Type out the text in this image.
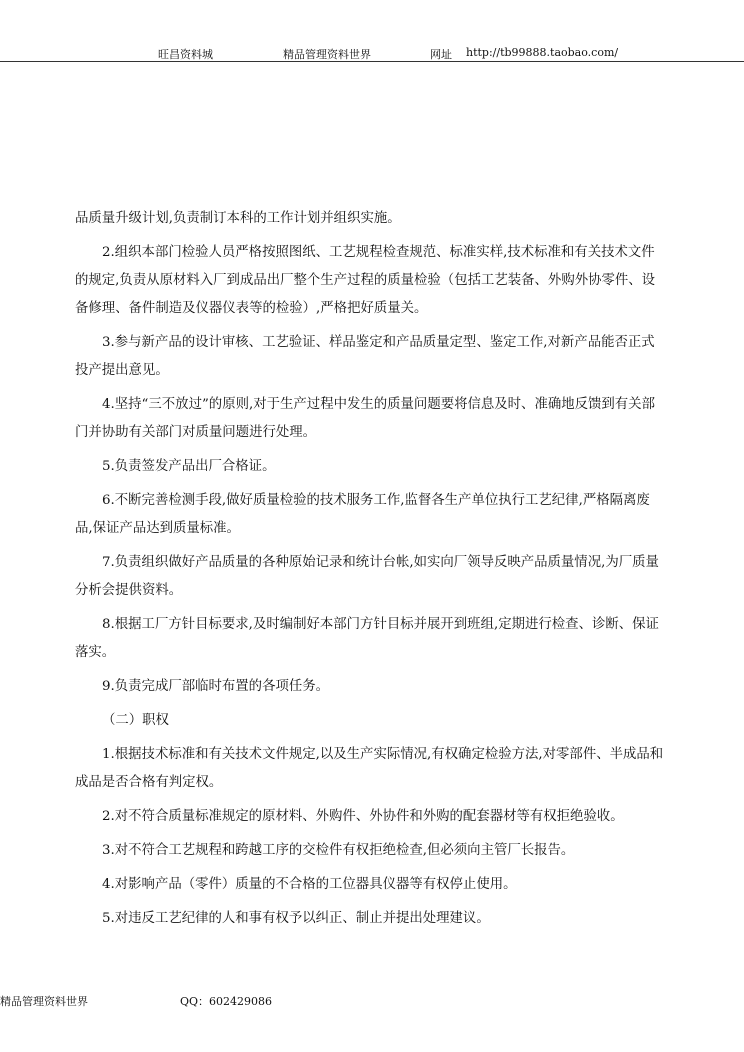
旺昌资料城	精品管理资料世界	网址 http://tb99888.taobao.com/

品质量升级计划,负责制订本科的工作计划并组织实施。

2.组织本部门检验人员严格按照图纸、工艺规程检查规范、标准实样,技术标准和有关技术文件的规定,负责从原材料入厂到成品出厂整个生产过程的质量检验（包括工艺装备、外购外协零件、设备修理、备件制造及仪器仪表等的检验）,严格把好质量关。

3.参与新产品的设计审核、工艺验证、样品鉴定和产品质量定型、鉴定工作,对新产品能否正式投产提出意见。

4.坚持“三不放过”的原则,对于生产过程中发生的质量问题要将信息及时、准确地反馈到有关部门并协助有关部门对质量问题进行处理。

5.负责签发产品出厂合格证。

6.不断完善检测手段,做好质量检验的技术服务工作,监督各生产单位执行工艺纪律,严格隔离废品,保证产品达到质量标准。

7.负责组织做好产品质量的各种原始记录和统计台帐,如实向厂领导反映产品质量情况,为厂质量分析会提供资料。

8.根据工厂方针目标要求,及时编制好本部门方针目标并展开到班组,定期进行检查、诊断、保证落实。

9.负责完成厂部临时布置的各项任务。

（二）职权

1.根据技术标准和有关技术文件规定,以及生产实际情况,有权确定检验方法,对零部件、半成品和成品是否合格有判定权。

2.对不符合质量标准规定的原材料、外购件、外协件和外购的配套器材等有权拒绝验收。

3.对不符合工艺规程和跨越工序的交检件有权拒绝检查,但必须向主管厂长报告。

4.对影响产品（零件）质量的不合格的工位器具仪器等有权停止使用。

5.对违反工艺纪律的人和事有权予以纠正、制止并提出处理建议。

精品管理资料世界	QQ：602429086
